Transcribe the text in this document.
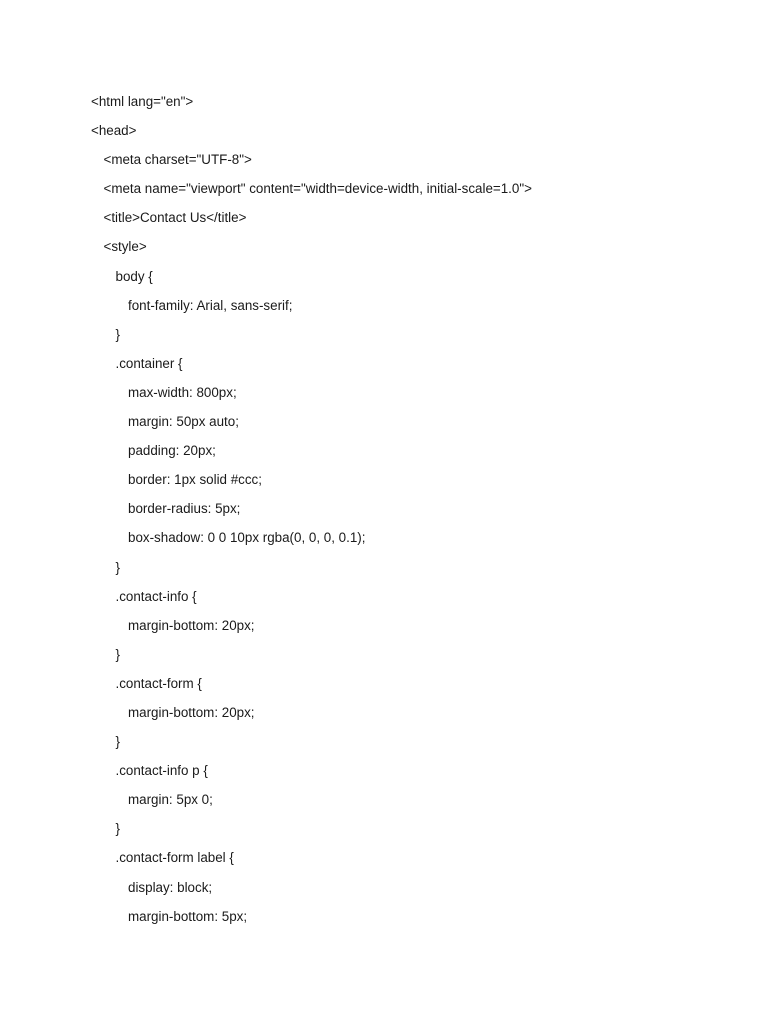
<html lang="en">
<head>
<meta charset="UTF-8">
<meta name="viewport" content="width=device-width, initial-scale=1.0">
<title>Contact Us</title>
<style>
body {
font-family: Arial, sans-serif;
}
.container {
max-width: 800px;
margin: 50px auto;
padding: 20px;
border: 1px solid #ccc;
border-radius: 5px;
box-shadow: 0 0 10px rgba(0, 0, 0, 0.1);
}
.contact-info {
margin-bottom: 20px;
}
.contact-form {
margin-bottom: 20px;
}
.contact-info p {
margin: 5px 0;
}
.contact-form label {
display: block;
margin-bottom: 5px;
